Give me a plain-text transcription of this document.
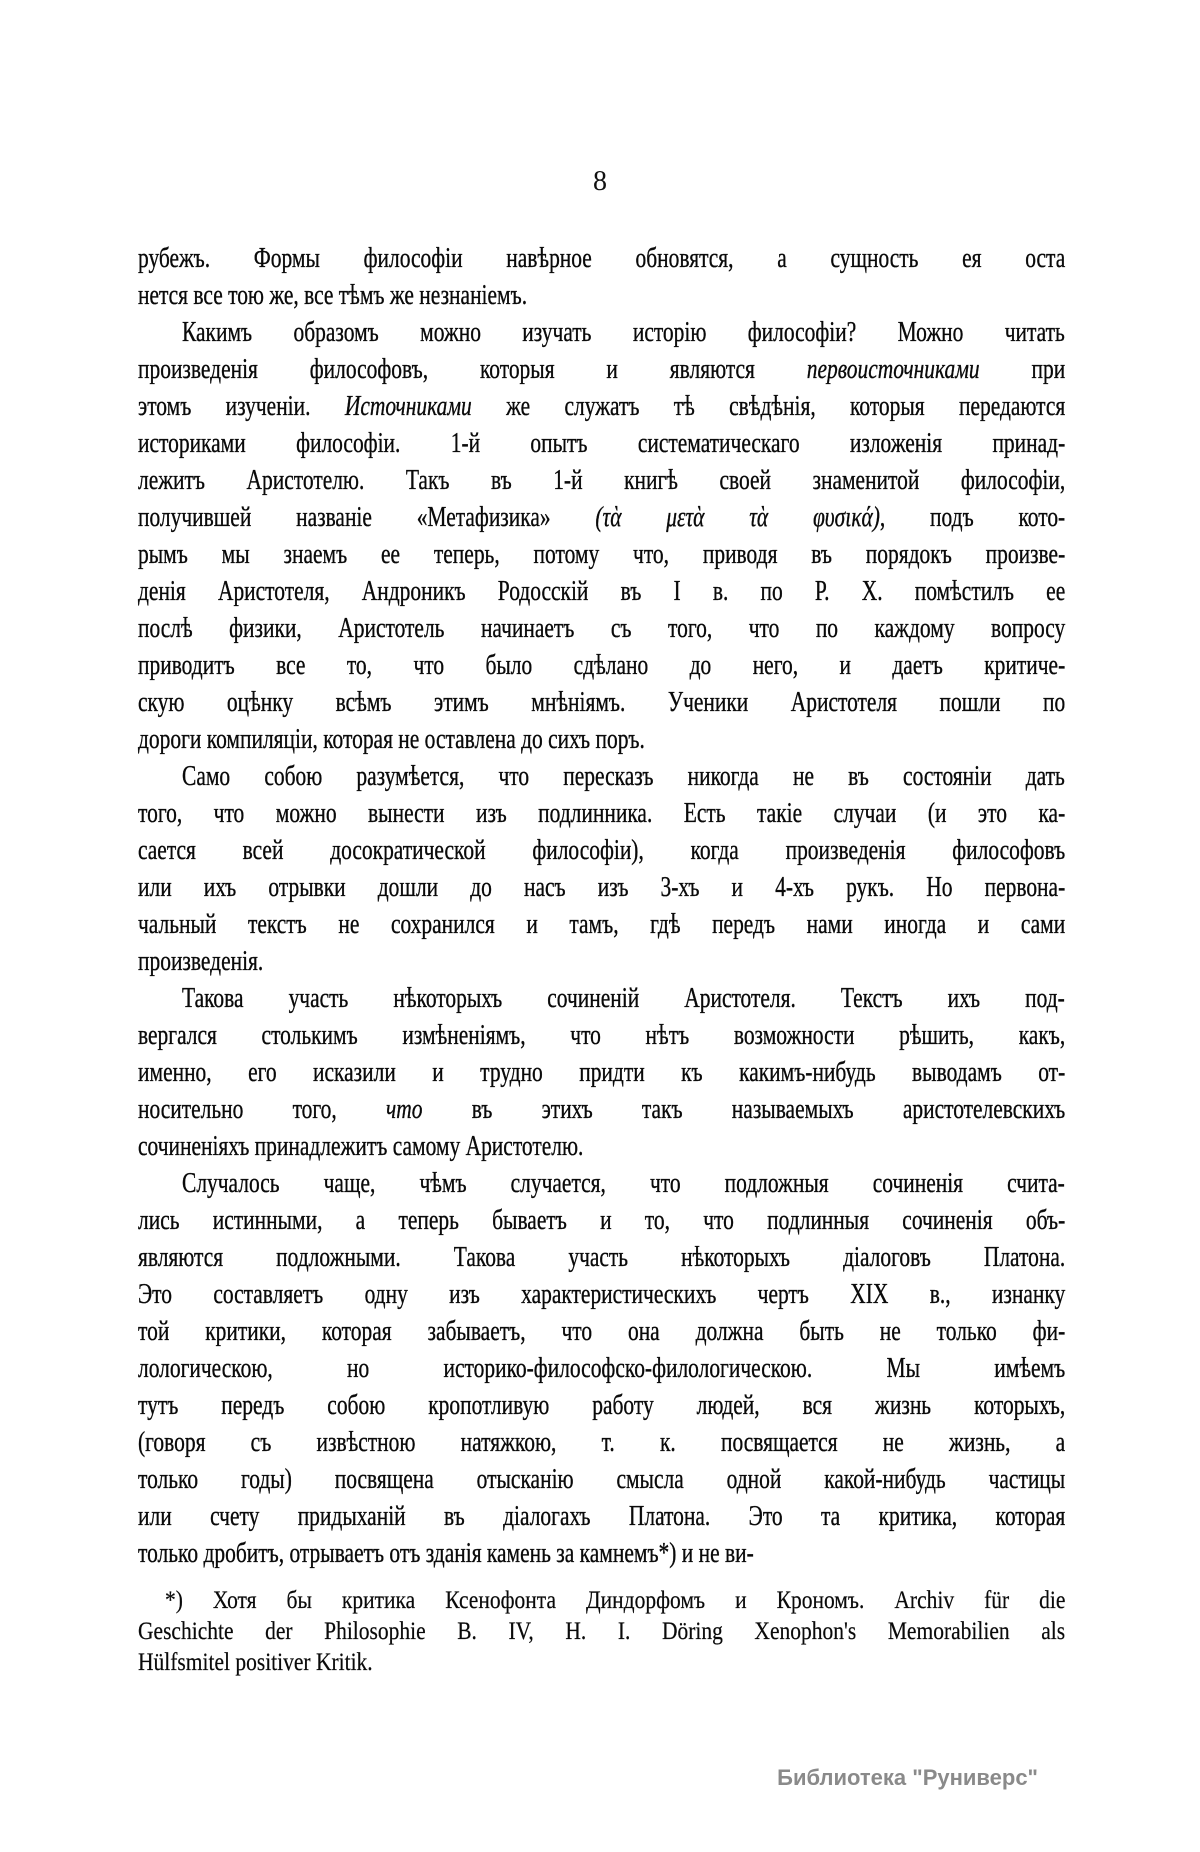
8
рубежъ. Формы философіи навѣрное обновятся, а сущность ея оста
нется все тою же, все тѣмъ же незнаніемъ.
Какимъ образомъ можно изучать исторію философіи? Можно читать
произведенія философовъ, которыя и являются первоисточниками при
этомъ изученіи. Источниками же служатъ тѣ свѣдѣнія, которыя передаются
историками философіи. 1-й опытъ систематическаго изложенія принад-
лежитъ Аристотелю. Такъ въ 1-й книгѣ своей знаменитой философіи,
получившей названіе «Метафизика» (τὰ μετὰ τὰ φυσικά), подъ кото-
рымъ мы знаемъ ее теперь, потому что, приводя въ порядокъ произве-
денія Аристотеля, Андроникъ Родосскій въ I в. по Р. X. помѣстилъ ее
послѣ физики, Аристотель начинаетъ съ того, что по каждому вопросу
приводитъ все то, что было сдѣлано до него, и даетъ критиче-
скую оцѣнку всѣмъ этимъ мнѣніямъ. Ученики Аристотеля пошли по
дороги компиляціи, которая не оставлена до сихъ поръ.
Само собою разумѣется, что пересказъ никогда не въ состояніи дать
того, что можно вынести изъ подлинника. Есть такіе случаи (и это ка-
сается всей досократической философіи), когда произведенія философовъ
или ихъ отрывки дошли до насъ изъ 3-хъ и 4-хъ рукъ. Но первона-
чальный текстъ не сохранился и тамъ, гдѣ передъ нами иногда и сами
произведенія.
Такова участь нѣкоторыхъ сочиненій Аристотеля. Текстъ ихъ под-
вергался столькимъ измѣненіямъ, что нѣтъ возможности рѣшить, какъ,
именно, его исказили и трудно придти къ какимъ-нибудь выводамъ от-
носительно того, что въ этихъ такъ называемыхъ аристотелевскихъ
сочиненіяхъ принадлежитъ самому Аристотелю.
Случалось чаще, чѣмъ случается, что подложныя сочиненія счита-
лись истинными, а теперь бываетъ и то, что подлинныя сочиненія объ-
являются подложными. Такова участь нѣкоторыхъ діалоговъ Платона.
Это составляетъ одну изъ характеристическихъ чертъ XIX в., изнанку
той критики, которая забываетъ, что она должна быть не только фи-
лологическою, но историко-философско-филологическою. Мы имѣемъ
тутъ передъ собою кропотливую работу людей, вся жизнь которыхъ,
(говоря съ извѣстною натяжкою, т. к. посвящается не жизнь, а
только годы) посвящена отысканію смысла одной какой-нибудь частицы
или счету придыханій въ діалогахъ Платона. Это та критика, которая
только дробитъ, отрываетъ отъ зданія камень за камнемъ*) и не ви-
*) Хотя бы критика Ксенофонта Диндорфомъ и Крономъ. Archiv für die
Geschichte der Philosophie B. IV, H. I. Döring Xenophon's Memorabilien als
Hülfsmitel positiver Kritik.
Библиотека "Руниверс"
